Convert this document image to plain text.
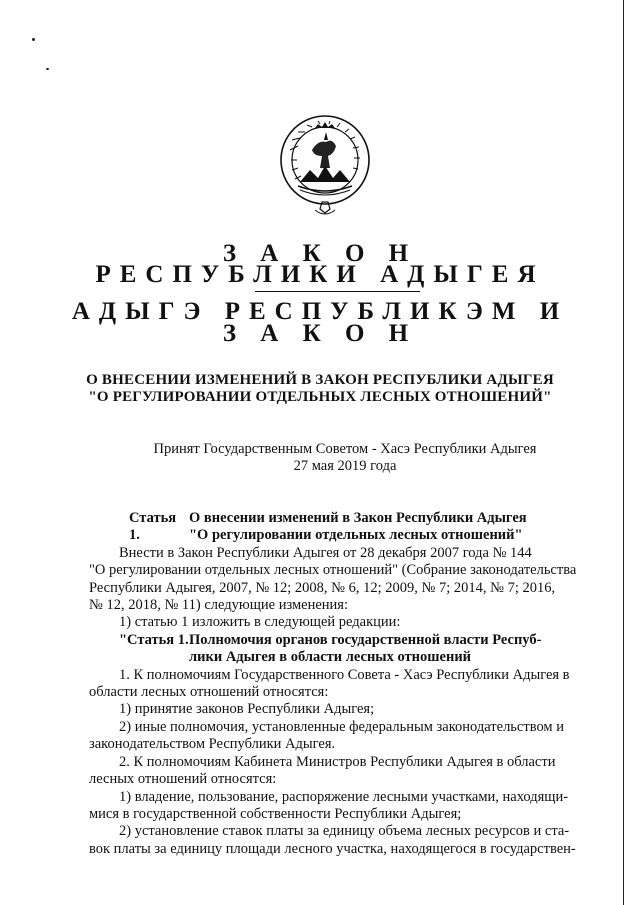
З А К О Н
РЕСПУБЛИКИ АДЫГЕЯ
АДЫГЭ РЕСПУБЛИКЭМ И
З А К О Н
О ВНЕСЕНИИ ИЗМЕНЕНИЙ В ЗАКОН РЕСПУБЛИКИ АДЫГЕЯ
"О РЕГУЛИРОВАНИИ ОТДЕЛЬНЫХ ЛЕСНЫХ ОТНОШЕНИЙ"
Принят Государственным Советом - Хасэ Республики Адыгея
27 мая 2019 года
Статья 1.
О внесении изменений в Закон Республики Адыгея
"О регулировании отдельных лесных отношений"
Внести в Закон Республики Адыгея от 28 декабря 2007 года № 144
"О регулировании отдельных лесных отношений" (Собрание законодательства
Республики Адыгея, 2007, № 12; 2008, № 6, 12; 2009, № 7; 2014, № 7; 2016,
№ 12, 2018, № 11) следующие изменения:
1) статью 1 изложить в следующей редакции:
"Статья 1. Полномочия органов государственной власти Респуб-
лики Адыгея в области лесных отношений
1. К полномочиям Государственного Совета - Хасэ Республики Адыгея в
области лесных отношений относятся:
1) принятие законов Республики Адыгея;
2) иные полномочия, установленные федеральным законодательством и
законодательством Республики Адыгея.
2. К полномочиям Кабинета Министров Республики Адыгея в области
лесных отношений относятся:
1) владение, пользование, распоряжение лесными участками, находящи-
мися в государственной собственности Республики Адыгея;
2) установление ставок платы за единицу объема лесных ресурсов и ста-
вок платы за единицу площади лесного участка, находящегося в государствен-
